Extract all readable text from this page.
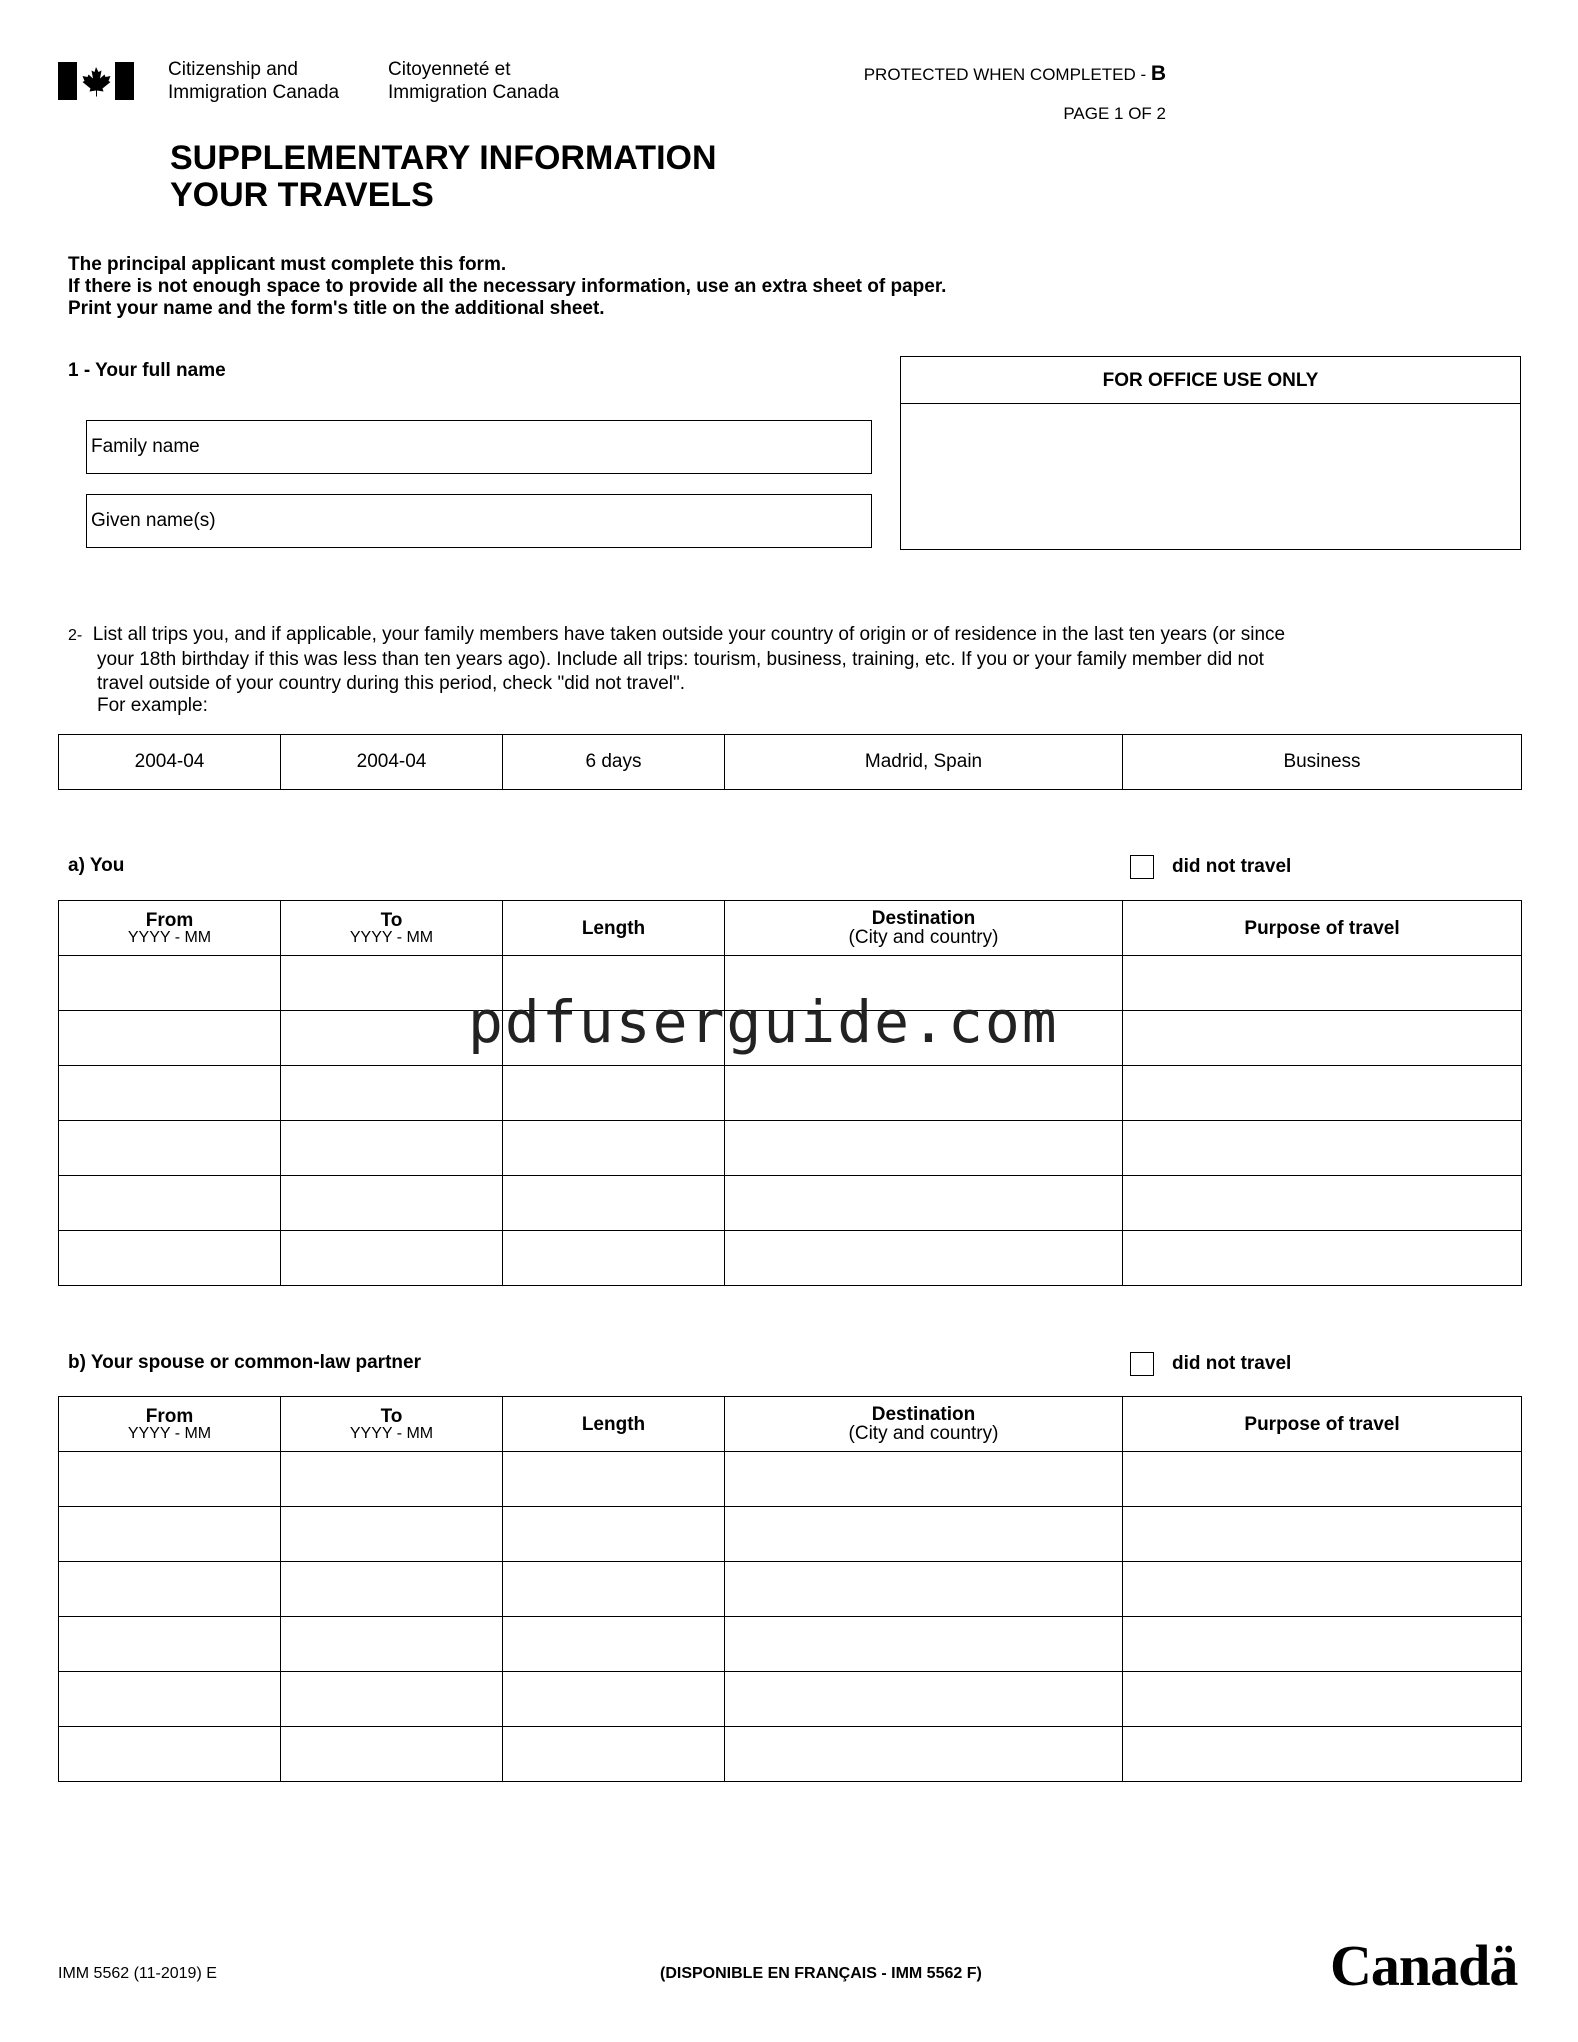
Citizenship and
Immigration Canada
Citoyenneté et
Immigration Canada
PROTECTED WHEN COMPLETED - B
PAGE 1 OF 2
SUPPLEMENTARY INFORMATION
YOUR TRAVELS
The principal applicant must complete this form.
If there is not enough space to provide all the necessary information, use an extra sheet of paper.
Print your name and the form's title on the additional sheet.
1 - Your full name
Family name
Given name(s)
FOR OFFICE USE ONLY
2- List all trips you, and if applicable, your family members have taken outside your country of origin or of residence in the last ten years (or since
your 18th birthday if this was less than ten years ago). Include all trips: tourism, business, training, etc. If you or your family member did not
travel outside of your country during this period, check "did not travel".
For example:
2004-04	2004-04	6 days	Madrid, Spain	Business
a) You	did not travel
From
YYYY - MM	To
YYYY - MM	Length	Destination
(City and country)	Purpose of travel

pdfuserguide.com
b) Your spouse or common-law partner	did not travel
From
YYYY - MM	To
YYYY - MM	Length	Destination
(City and country)	Purpose of travel

IMM 5562 (11-2019) E	(DISPONIBLE EN FRANÇAIS - IMM 5562 F)	Canadä
